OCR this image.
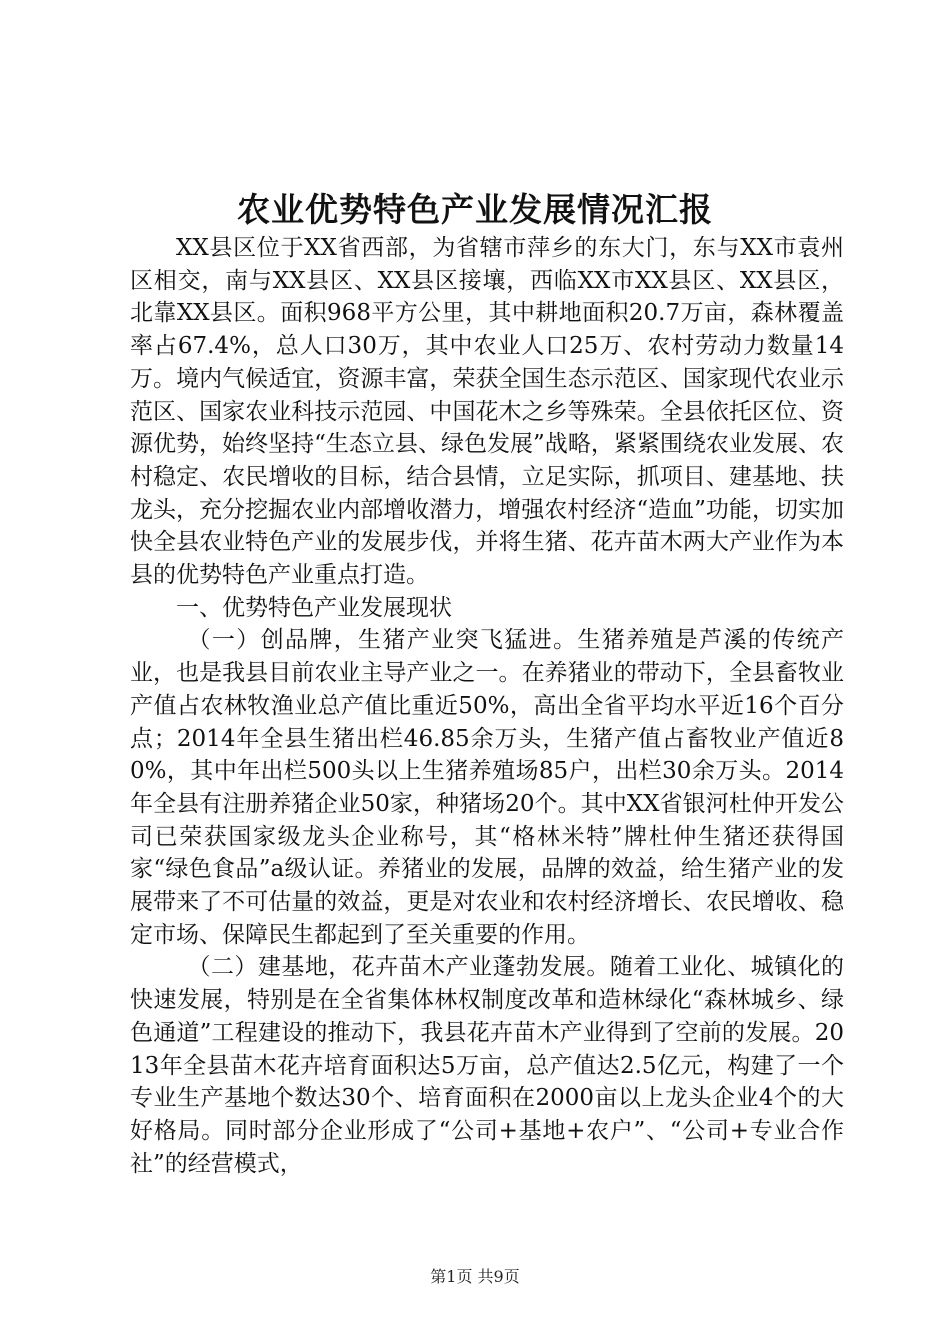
农业优势特色产业发展情况汇报

XX县区位于XX省西部，为省辖市萍乡的东大门，东与XX市袁州区相交，南与XX县区、XX县区接壤，西临XX市XX县区、XX县区，北靠XX县区。面积968平方公里，其中耕地面积20.7万亩，森林覆盖率占67.4%，总人口30万，其中农业人口25万、农村劳动力数量14万。境内气候适宜，资源丰富，荣获全国生态示范区、国家现代农业示范区、国家农业科技示范园、中国花木之乡等殊荣。全县依托区位、资源优势，始终坚持“生态立县、绿色发展”战略，紧紧围绕农业发展、农村稳定、农民增收的目标，结合县情，立足实际，抓项目、建基地、扶龙头，充分挖掘农业内部增收潜力，增强农村经济“造血”功能，切实加快全县农业特色产业的发展步伐，并将生猪、花卉苗木两大产业作为本县的优势特色产业重点打造。

一、优势特色产业发展现状

（一）创品牌，生猪产业突飞猛进。生猪养殖是芦溪的传统产业，也是我县目前农业主导产业之一。在养猪业的带动下，全县畜牧业产值占农林牧渔业总产值比重近50%，高出全省平均水平近16个百分点；2014年全县生猪出栏46.85余万头，生猪产值占畜牧业产值近80%，其中年出栏500头以上生猪养殖场85户，出栏30余万头。2014年全县有注册养猪企业50家，种猪场20个。其中XX省银河杜仲开发公司已荣获国家级龙头企业称号，其“格林米特”牌杜仲生猪还获得国家“绿色食品”a级认证。养猪业的发展，品牌的效益，给生猪产业的发展带来了不可估量的效益，更是对农业和农村经济增长、农民增收、稳定市场、保障民生都起到了至关重要的作用。

（二）建基地，花卉苗木产业蓬勃发展。随着工业化、城镇化的快速发展，特别是在全省集体林权制度改革和造林绿化“森林城乡、绿色通道”工程建设的推动下，我县花卉苗木产业得到了空前的发展。2013年全县苗木花卉培育面积达5万亩，总产值达2.5亿元，构建了一个专业生产基地个数达30个、培育面积在2000亩以上龙头企业4个的大好格局。同时部分企业形成了“公司+基地+农户”、“公司+专业合作社”的经营模式，

第1页 共9页
